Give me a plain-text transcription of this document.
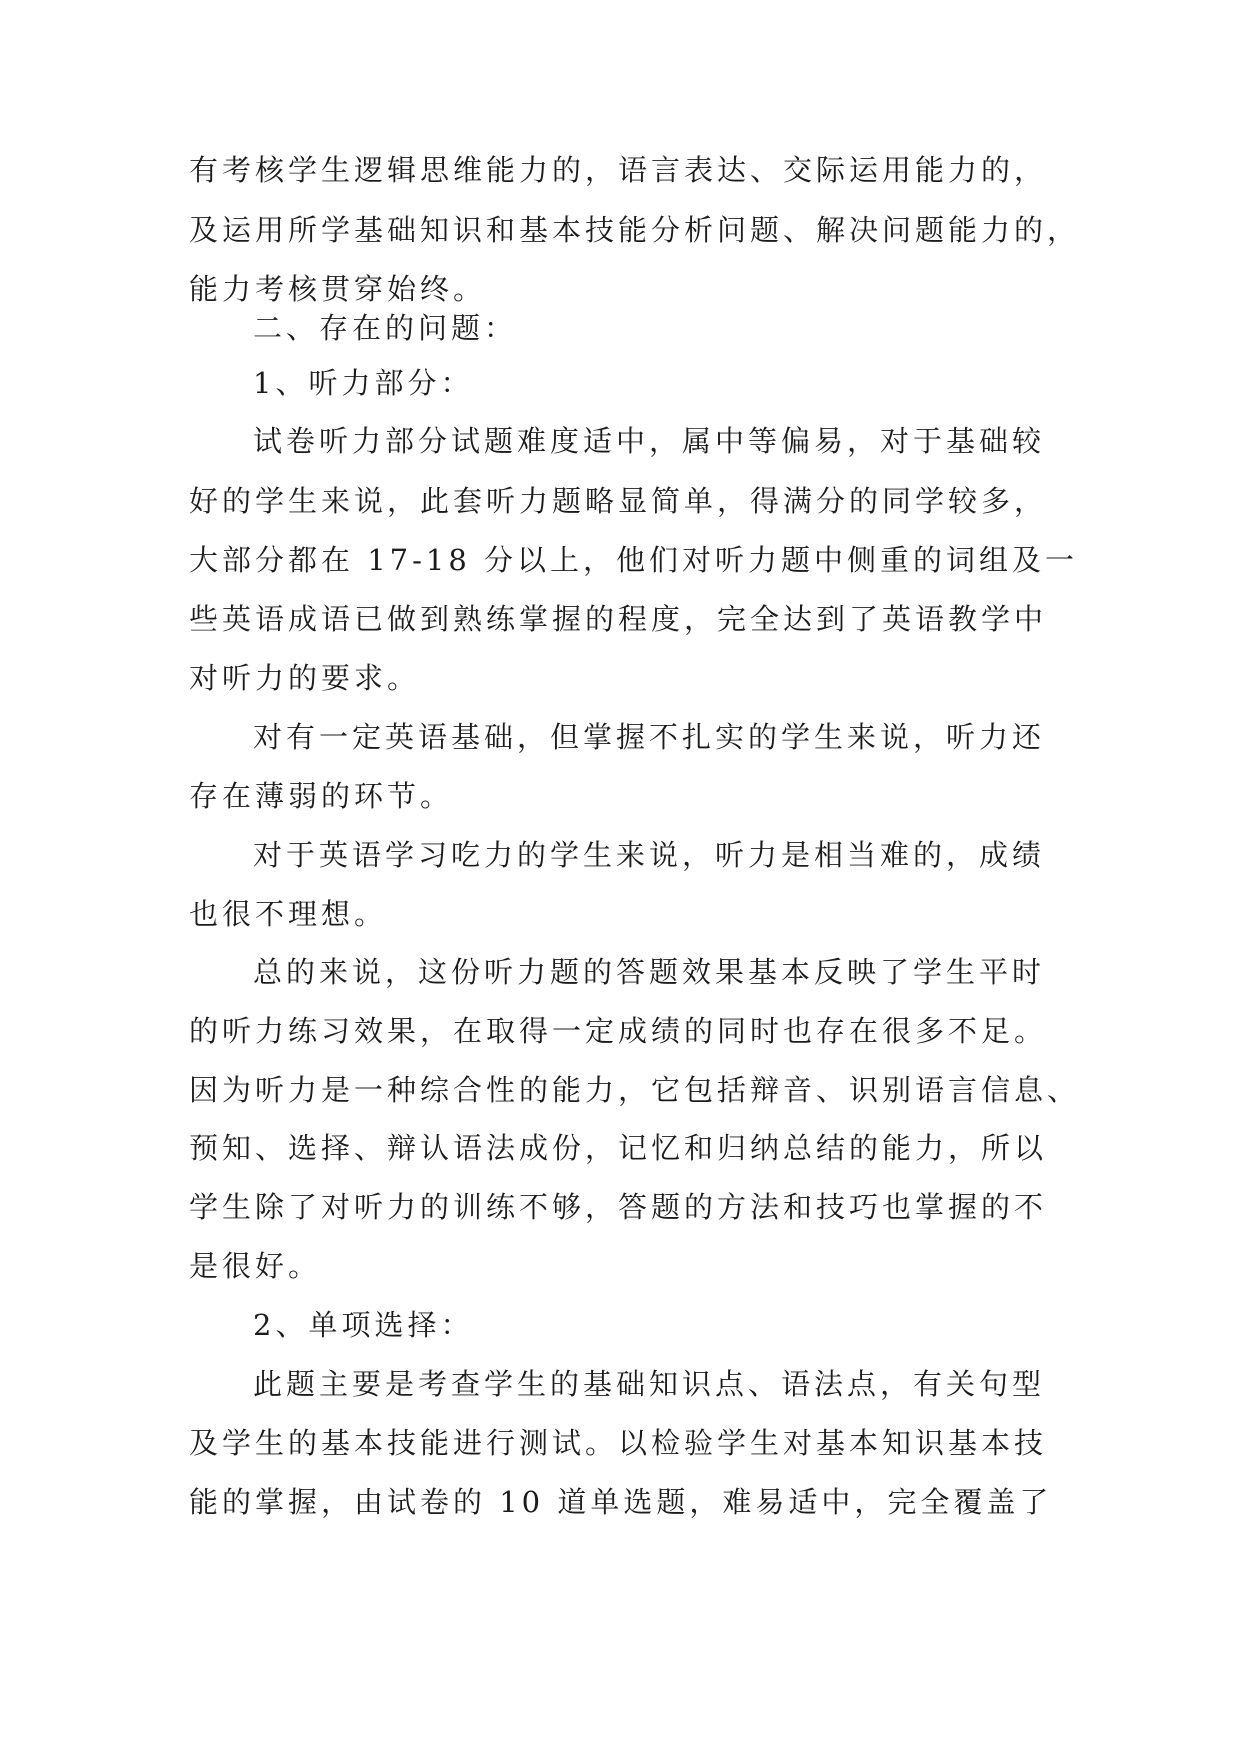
有考核学生逻辑思维能力的，语言表达、交际运用能力的，
及运用所学基础知识和基本技能分析问题、解决问题能力的，
能力考核贯穿始终。
二、存在的问题：
1、听力部分：
试卷听力部分试题难度适中，属中等偏易，对于基础较
好的学生来说，此套听力题略显简单，得满分的同学较多，
大部分都在 17-18 分以上，他们对听力题中侧重的词组及一
些英语成语已做到熟练掌握的程度，完全达到了英语教学中
对听力的要求。
对有一定英语基础，但掌握不扎实的学生来说，听力还
存在薄弱的环节。
对于英语学习吃力的学生来说，听力是相当难的，成绩
也很不理想。
总的来说，这份听力题的答题效果基本反映了学生平时
的听力练习效果，在取得一定成绩的同时也存在很多不足。
因为听力是一种综合性的能力，它包括辩音、识别语言信息、
预知、选择、辩认语法成份，记忆和归纳总结的能力，所以
学生除了对听力的训练不够，答题的方法和技巧也掌握的不
是很好。
2、单项选择：
此题主要是考查学生的基础知识点、语法点，有关句型
及学生的基本技能进行测试。以检验学生对基本知识基本技
能的掌握，由试卷的 10 道单选题，难易适中，完全覆盖了
